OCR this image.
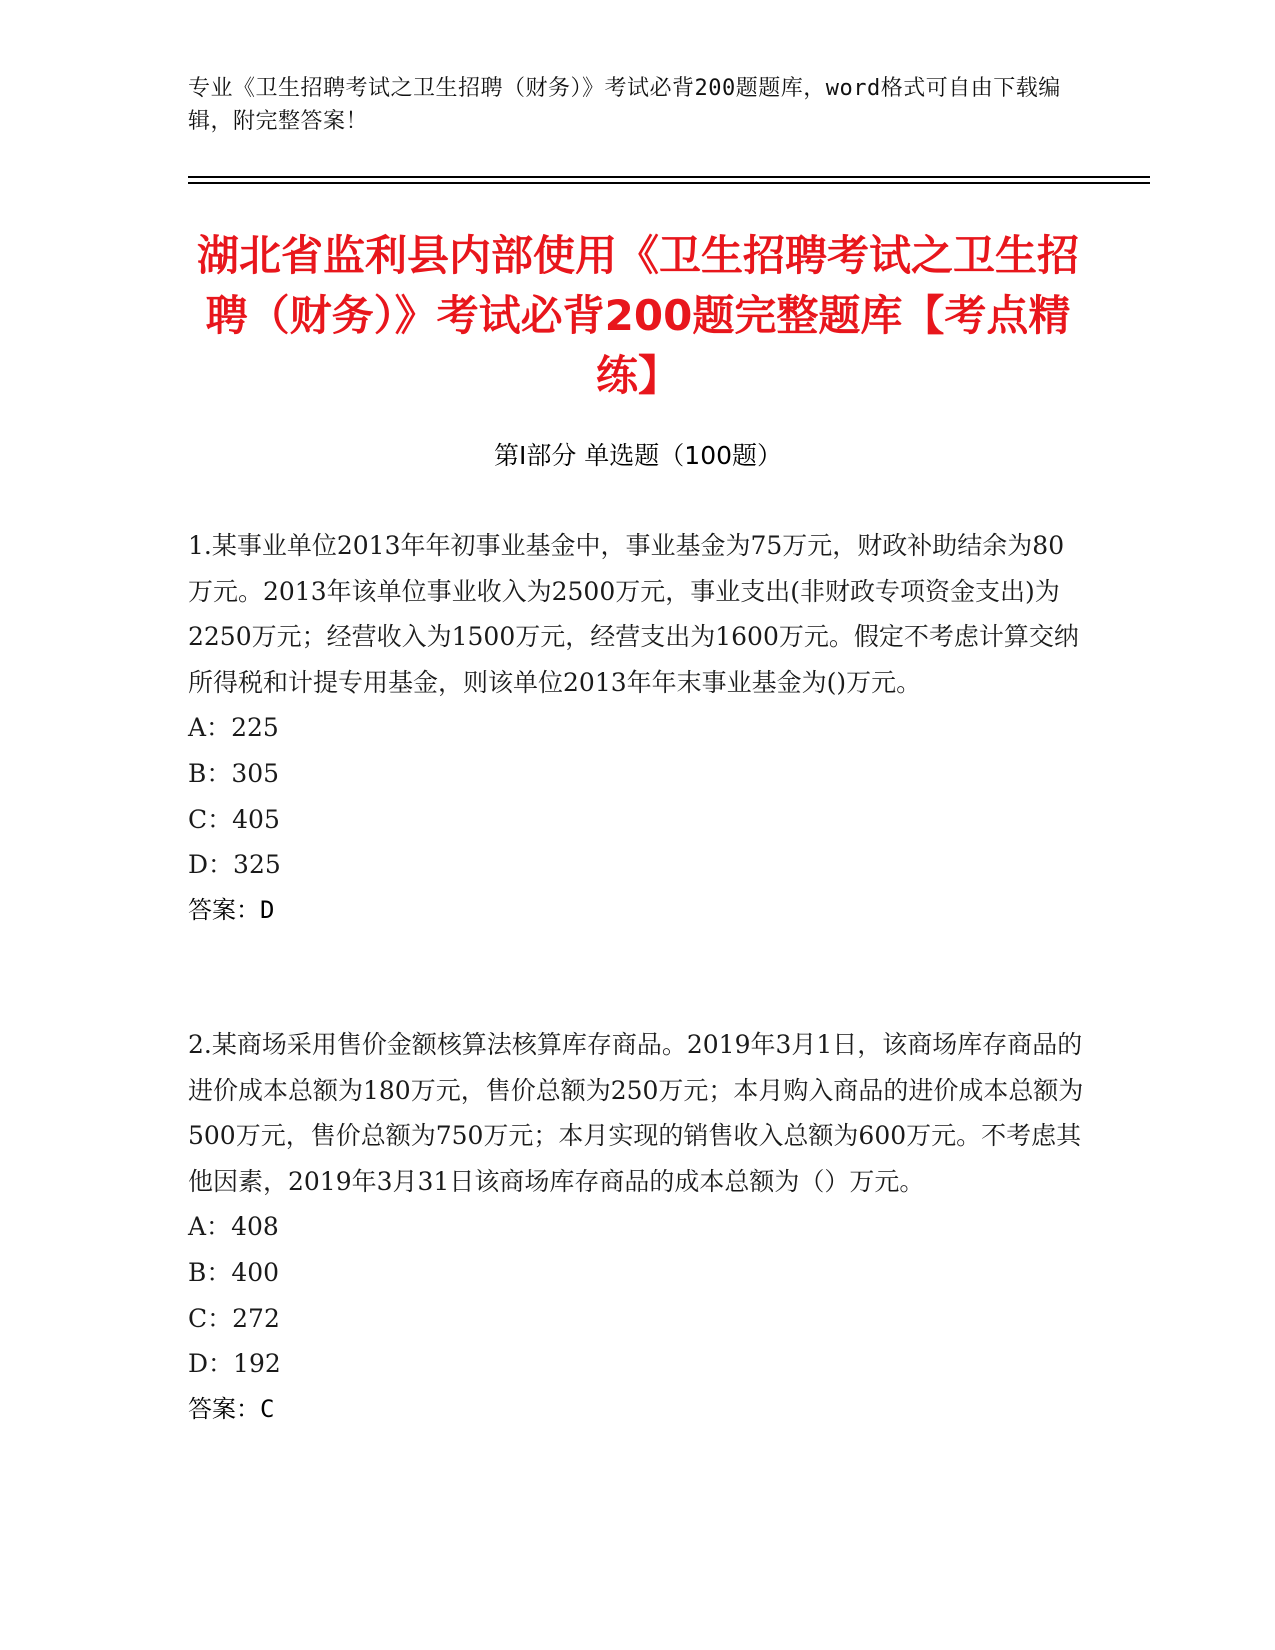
专业《卫生招聘考试之卫生招聘（财务）》考试必背200题题库，word格式可自由下载编辑，附完整答案！
湖北省监利县内部使用《卫生招聘考试之卫生招聘（财务）》考试必背200题完整题库【考点精练】
第Ⅰ部分 单选题（100题）

1.某事业单位2013年年初事业基金中，事业基金为75万元，财政补助结余为80万元。2013年该单位事业收入为2500万元，事业支出(非财政专项资金支出)为2250万元；经营收入为1500万元，经营支出为1600万元。假定不考虑计算交纳所得税和计提专用基金，则该单位2013年年末事业基金为()万元。

A：225
B：305
C：405
D：325
答案：D

2.某商场采用售价金额核算法核算库存商品。2019年3月1日，该商场库存商品的进价成本总额为180万元，售价总额为250万元；本月购入商品的进价成本总额为500万元，售价总额为750万元；本月实现的销售收入总额为600万元。不考虑其他因素，2019年3月31日该商场库存商品的成本总额为（）万元。

A：408
B：400
C：272
D：192
答案：C
